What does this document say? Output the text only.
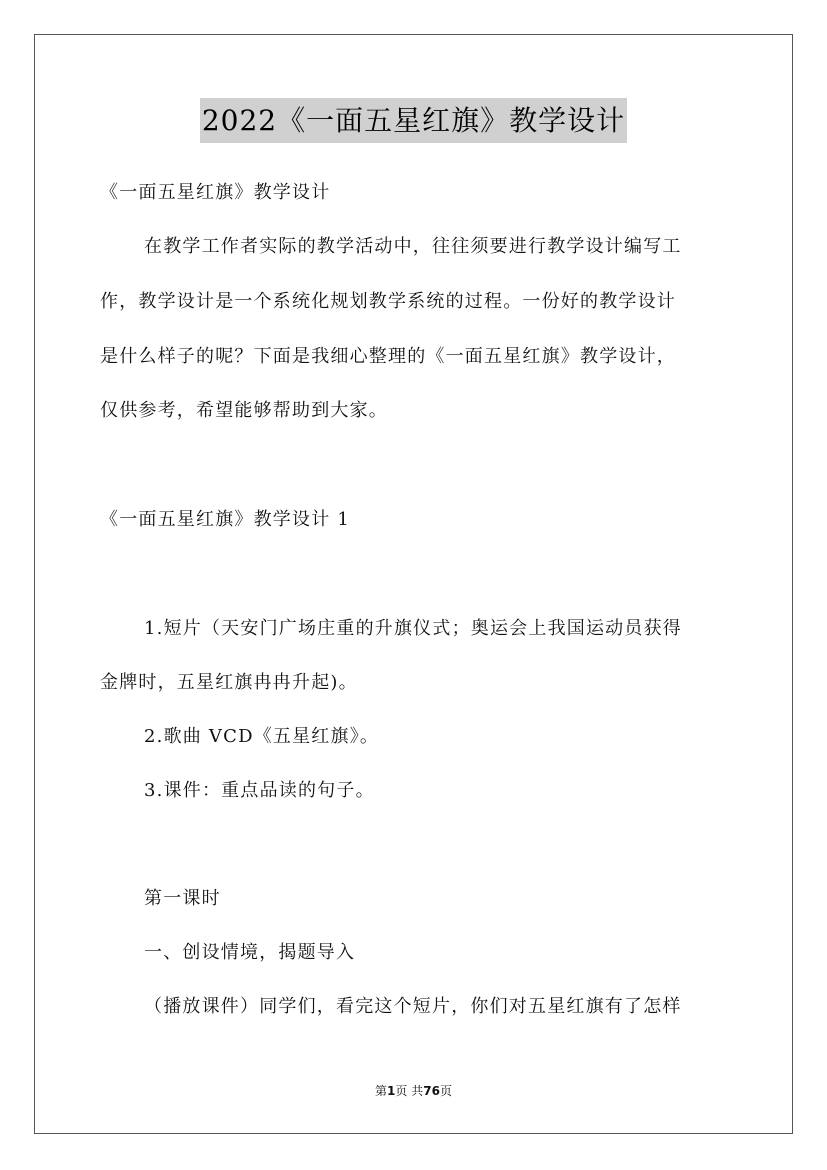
2022《一面五星红旗》教学设计
《一面五星红旗》教学设计
在教学工作者实际的教学活动中，往往须要进行教学设计编写工
作，教学设计是一个系统化规划教学系统的过程。一份好的教学设计
是什么样子的呢？下面是我细心整理的《一面五星红旗》教学设计，
仅供参考，希望能够帮助到大家。
《一面五星红旗》教学设计 1
1.短片（天安门广场庄重的升旗仪式；奥运会上我国运动员获得
金牌时，五星红旗冉冉升起)。
2.歌曲 VCD《五星红旗》。
3.课件：重点品读的句子。
第一课时
一、创设情境，揭题导入
（播放课件）同学们，看完这个短片，你们对五星红旗有了怎样
第1页 共76页
